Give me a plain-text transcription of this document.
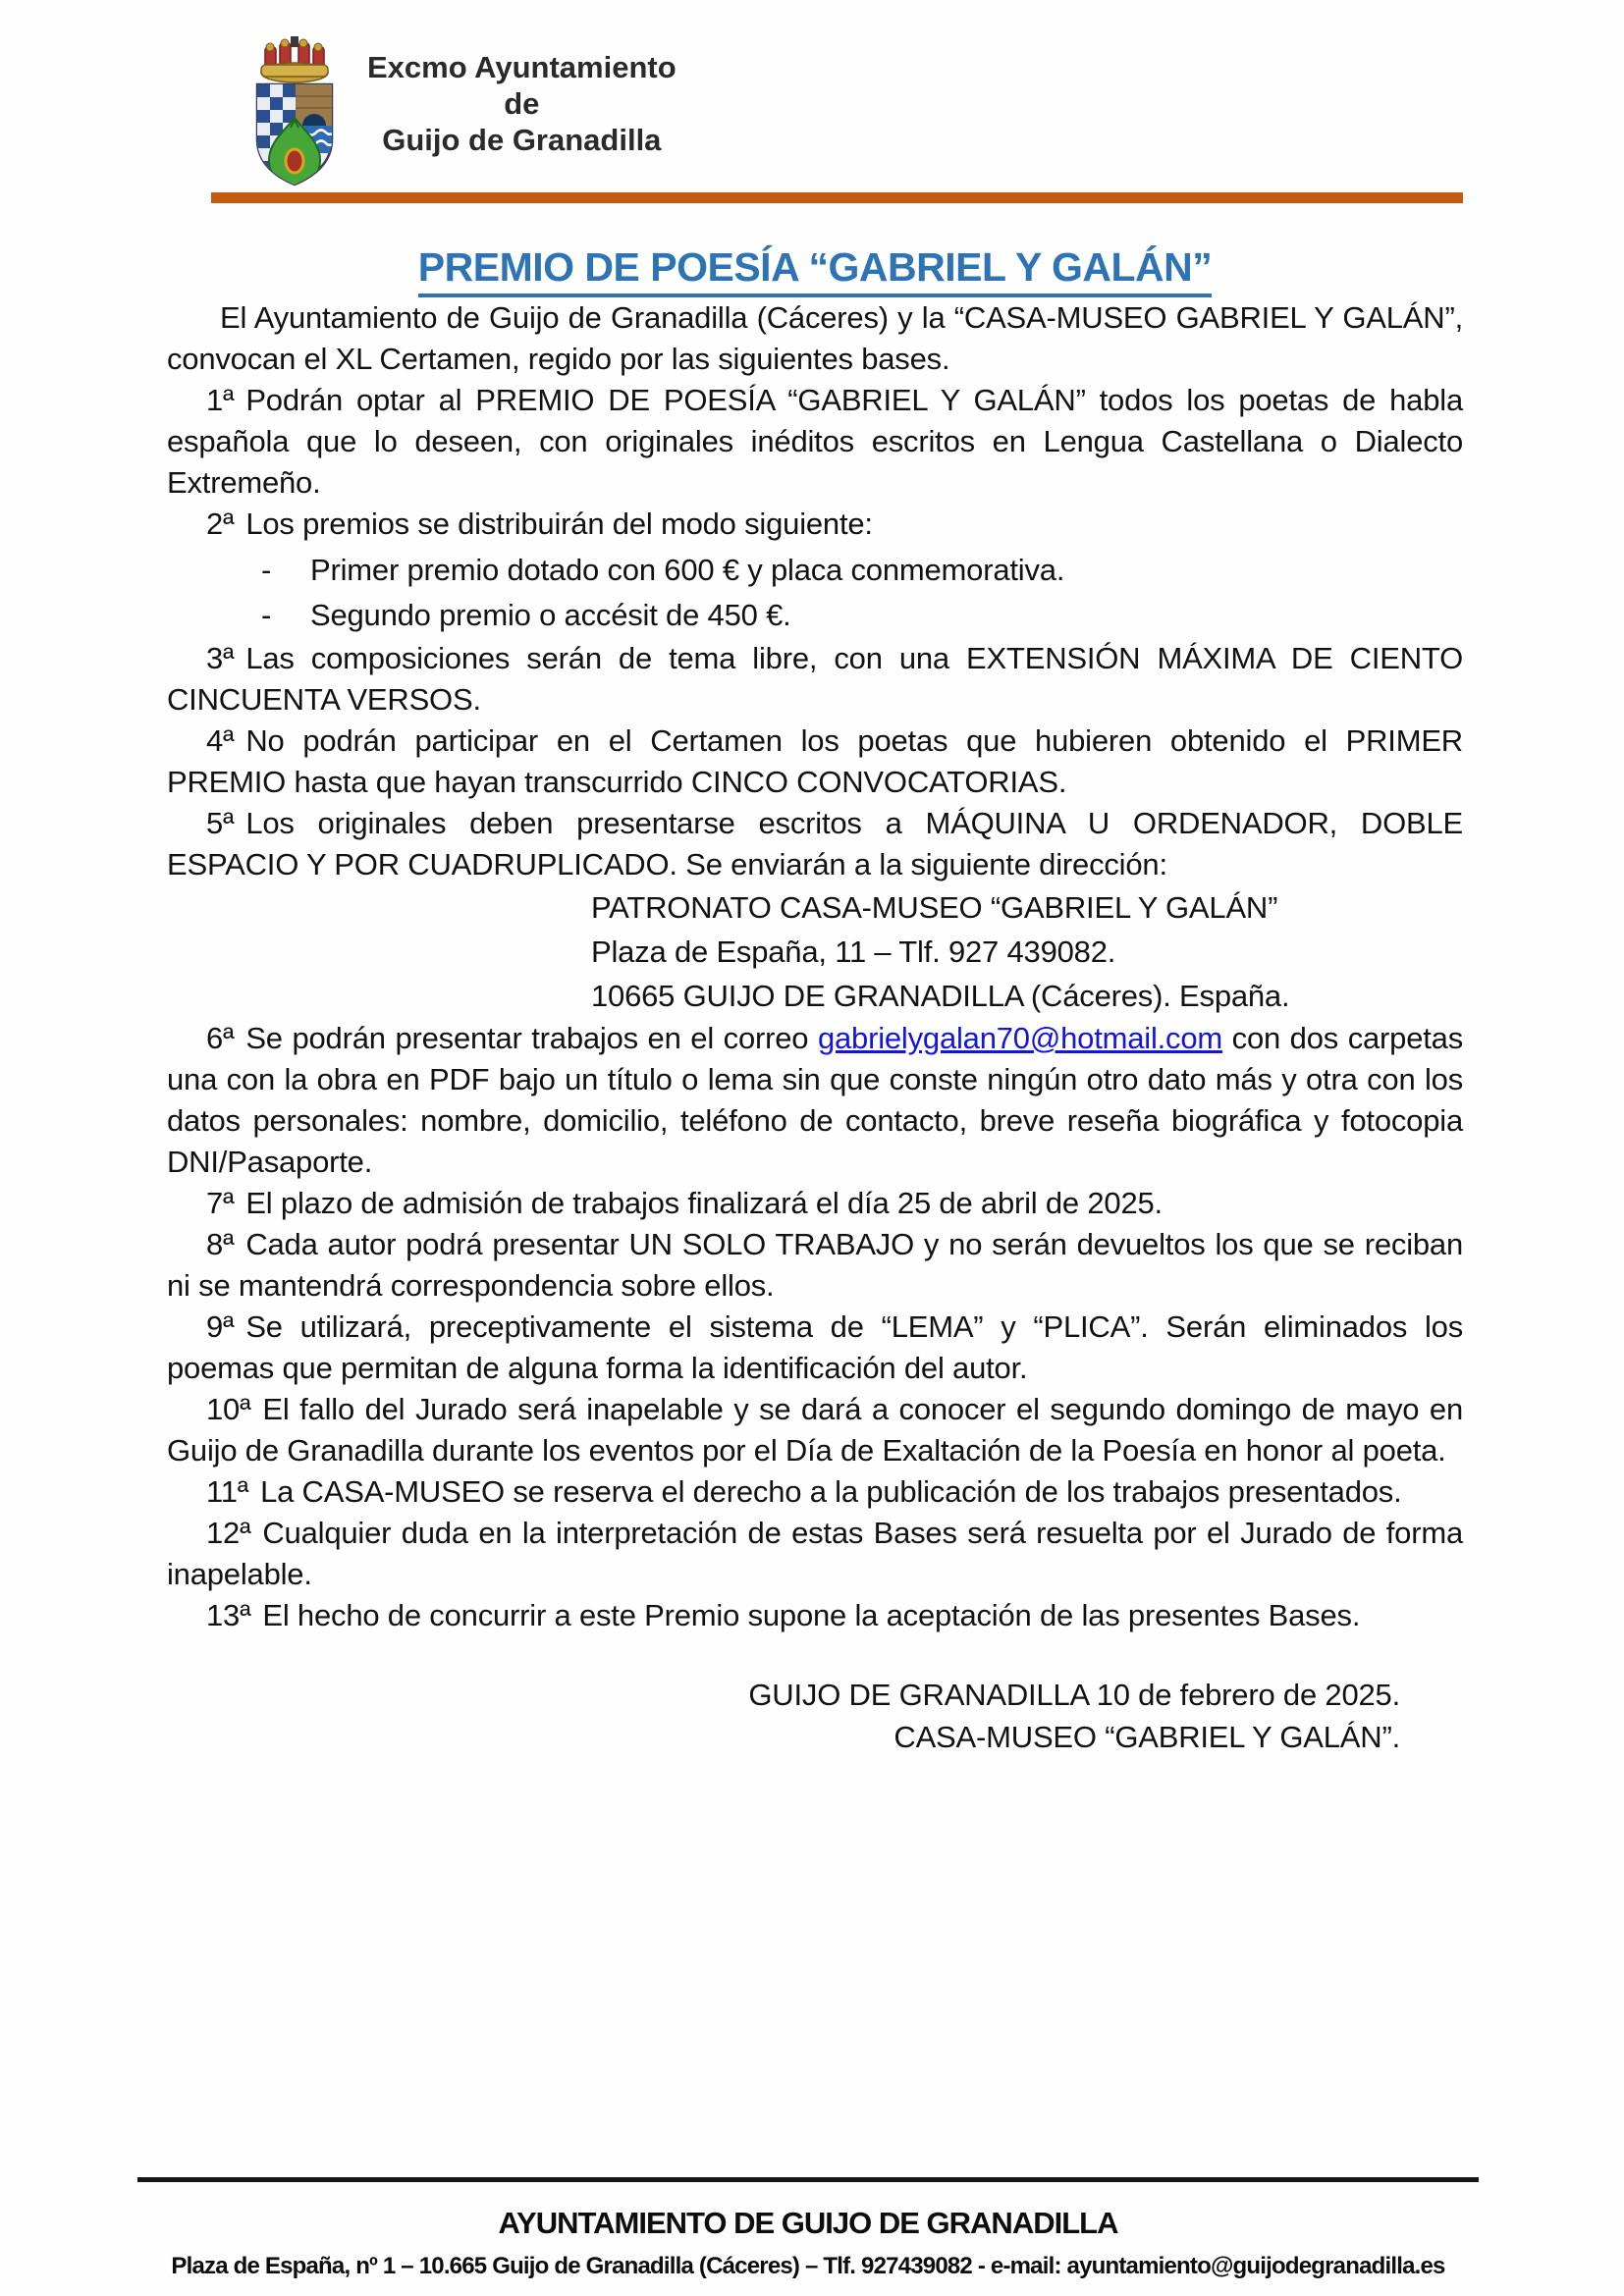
Excmo Ayuntamiento
de
Guijo de Granadilla
PREMIO DE POESÍA “GABRIEL Y GALÁN”

El Ayuntamiento de Guijo de Granadilla (Cáceres) y la “CASA-MUSEO GABRIEL Y GALÁN”, convocan el XL Certamen, regido por las siguientes bases.

1ª Podrán optar al PREMIO DE POESÍA “GABRIEL Y GALÁN” todos los poetas de habla española que lo deseen, con originales inéditos escritos en Lengua Castellana o Dialecto Extremeño.

2ª Los premios se distribuirán del modo siguiente:

-	Primer premio dotado con 600 € y placa conmemorativa.
-	Segundo premio o accésit de 450 €.

3ª Las composiciones serán de tema libre, con una EXTENSIÓN MÁXIMA DE CIENTO CINCUENTA VERSOS.

4ª No podrán participar en el Certamen los poetas que hubieren obtenido el PRIMER PREMIO hasta que hayan transcurrido CINCO CONVOCATORIAS.

5ª Los originales deben presentarse escritos a MÁQUINA U ORDENADOR, DOBLE ESPACIO Y POR CUADRUPLICADO. Se enviarán a la siguiente dirección:

PATRONATO CASA-MUSEO “GABRIEL Y GALÁN”
Plaza de España, 11 – Tlf. 927 439082.
10665 GUIJO DE GRANADILLA (Cáceres). España.

6ª Se podrán presentar trabajos en el correo gabrielygalan70@hotmail.com con dos carpetas una con la obra en PDF bajo un título o lema sin que conste ningún otro dato más y otra con los datos personales: nombre, domicilio, teléfono de contacto, breve reseña biográfica y fotocopia DNI/Pasaporte.

7ª El plazo de admisión de trabajos finalizará el día 25 de abril de 2025.

8ª Cada autor podrá presentar UN SOLO TRABAJO y no serán devueltos los que se reciban ni se mantendrá correspondencia sobre ellos.

9ª Se utilizará, preceptivamente el sistema de “LEMA” y “PLICA”. Serán eliminados los poemas que permitan de alguna forma la identificación del autor.

10ª El fallo del Jurado será inapelable y se dará a conocer el segundo domingo de mayo en Guijo de Granadilla durante los eventos por el Día de Exaltación de la Poesía en honor al poeta.

11ª La CASA-MUSEO se reserva el derecho a la publicación de los trabajos presentados.

12ª Cualquier duda en la interpretación de estas Bases será resuelta por el Jurado de forma inapelable.

13ª El hecho de concurrir a este Premio supone la aceptación de las presentes Bases.

GUIJO DE GRANADILLA 10 de febrero de 2025.
CASA-MUSEO “GABRIEL Y GALÁN”.
AYUNTAMIENTO DE GUIJO DE GRANADILLA
Plaza de España, nº 1 – 10.665 Guijo de Granadilla (Cáceres) – Tlf. 927439082 - e-mail: ayuntamiento@guijodegranadilla.es
